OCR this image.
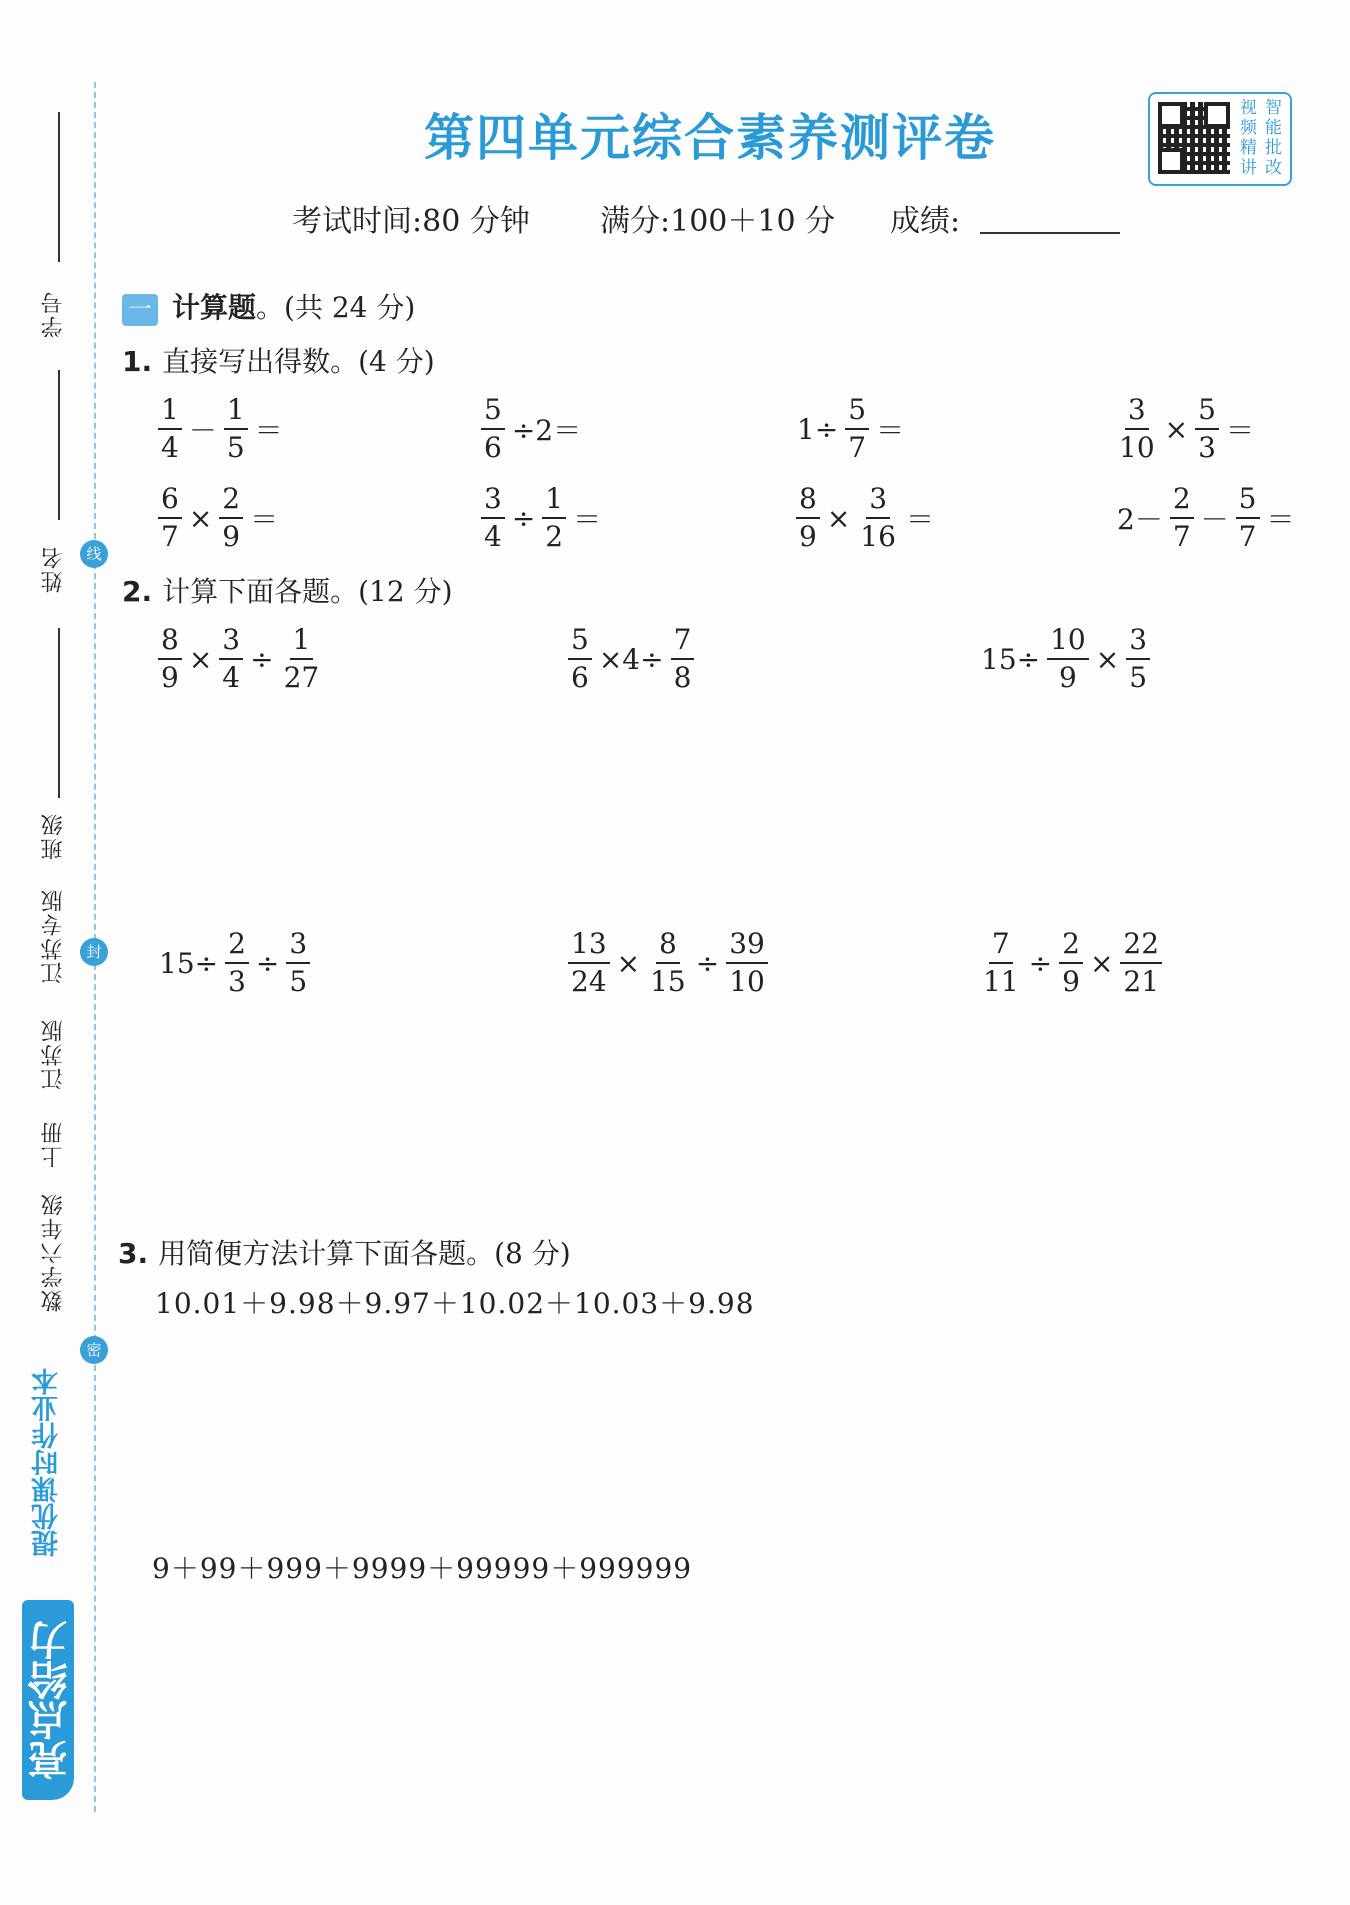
学号
姓名
班级
江苏专版
江苏版
上册
数学六年级
线
封
密
提优课时作业本
亮点给力
第四单元综合素养测评卷	视 智
频 能
精 批
讲 改
考试时间:80 分钟 满分:100＋10 分 成绩:
一 计算题。(共 24 分)
1. 直接写出得数。(4 分)
$\frac{1}{4} - \frac{1}{5}$ ＝	$\frac{5}{6} \div 2=$	$1\div \frac{5}{7}$ ＝	$\frac{3}{10} \times \frac{5}{3}$ ＝
$\frac{6}{7} \times \frac{2}{9}$ ＝	$\frac{3}{4} \div \frac{1}{2}$ ＝	$\frac{8}{9} \times \frac{3}{16}$ ＝	$2- \frac{2}{7} - \frac{5}{7}$ ＝
2. 计算下面各题。(12 分)
$\frac{8}{9} \times \frac{3}{4} \div \frac{1}{27}$	$\frac{5}{6} \times 4\div \frac{7}{8}$	$15\div \frac{10}{9} \times \frac{3}{5}$
$15\div \frac{2}{3} \div \frac{3}{5}$	$\frac{13}{24} \times \frac{8}{15} \div \frac{39}{10}$	$\frac{7}{11} \div \frac{2}{9} \times \frac{22}{21}$
3. 用简便方法计算下面各题。(8 分)
10.01＋9.98＋9.97＋10.02＋10.03＋9.98
9＋99＋999＋9999＋99999＋999999
